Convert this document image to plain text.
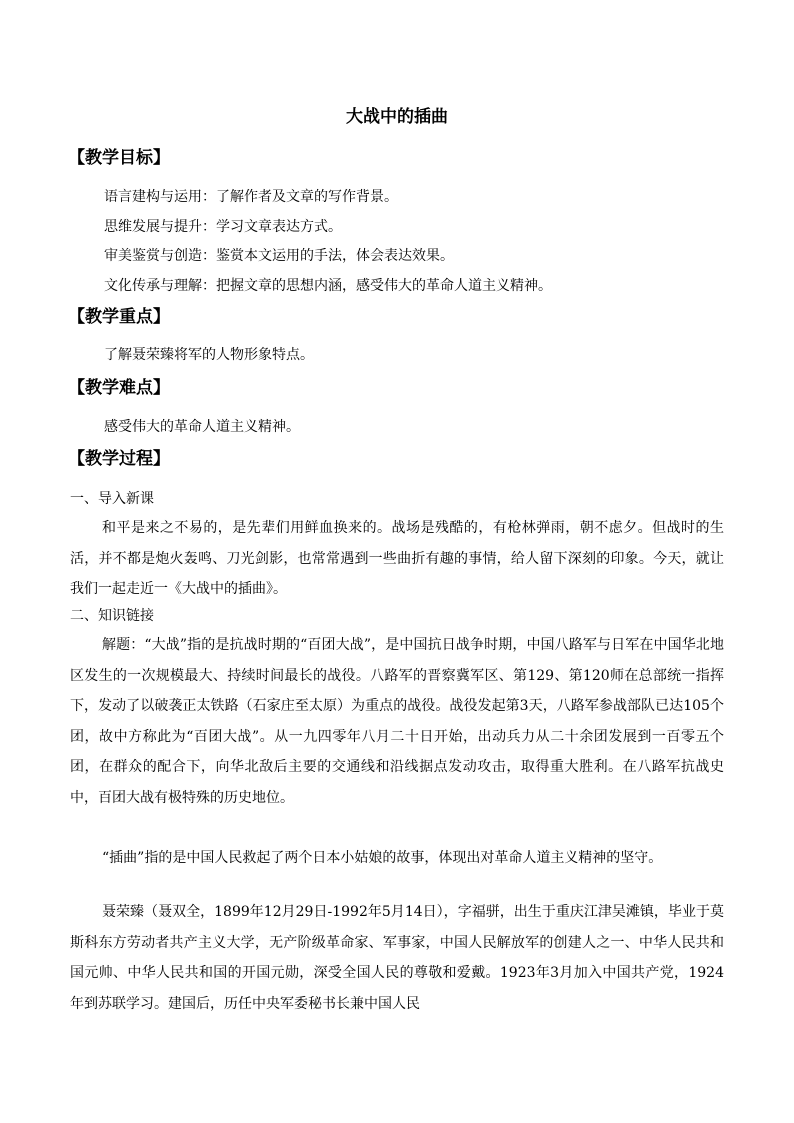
大战中的插曲
【教学目标】
语言建构与运用：了解作者及文章的写作背景。
思维发展与提升：学习文章表达方式。
审美鉴赏与创造：鉴赏本文运用的手法，体会表达效果。
文化传承与理解：把握文章的思想内涵，感受伟大的革命人道主义精神。
【教学重点】
了解聂荣臻将军的人物形象特点。
【教学难点】
感受伟大的革命人道主义精神。
【教学过程】
一、导入新课
和平是来之不易的，是先辈们用鲜血换来的。战场是残酷的，有枪林弹雨，朝不虑夕。但战时的生活，并不都是炮火轰鸣、刀光剑影，也常常遇到一些曲折有趣的事情，给人留下深刻的印象。今天，就让我们一起走近一《大战中的插曲》。
二、知识链接
解题：“大战”指的是抗战时期的“百团大战”，是中国抗日战争时期，中国八路军与日军在中国华北地区发生的一次规模最大、持续时间最长的战役。八路军的晋察冀军区、第129、第120师在总部统一指挥下，发动了以破袭正太铁路（石家庄至太原）为重点的战役。战役发起第3天，八路军参战部队已达105个团，故中方称此为“百团大战”。从一九四零年八月二十日开始，出动兵力从二十余团发展到一百零五个团，在群众的配合下，向华北敌后主要的交通线和沿线据点发动攻击，取得重大胜利。在八路军抗战史中，百团大战有极特殊的历史地位。
“插曲”指的是中国人民救起了两个日本小姑娘的故事，体现出对革命人道主义精神的坚守。
聂荣臻（聂双全，1899年12月29日-1992年5月14日），字福骈，出生于重庆江津吴滩镇，毕业于莫斯科东方劳动者共产主义大学，无产阶级革命家、军事家，中国人民解放军的创建人之一、中华人民共和国元帅、中华人民共和国的开国元勋，深受全国人民的尊敬和爱戴。1923年3月加入中国共产党，1924年到苏联学习。建国后，历任中央军委秘书长兼中国人民
